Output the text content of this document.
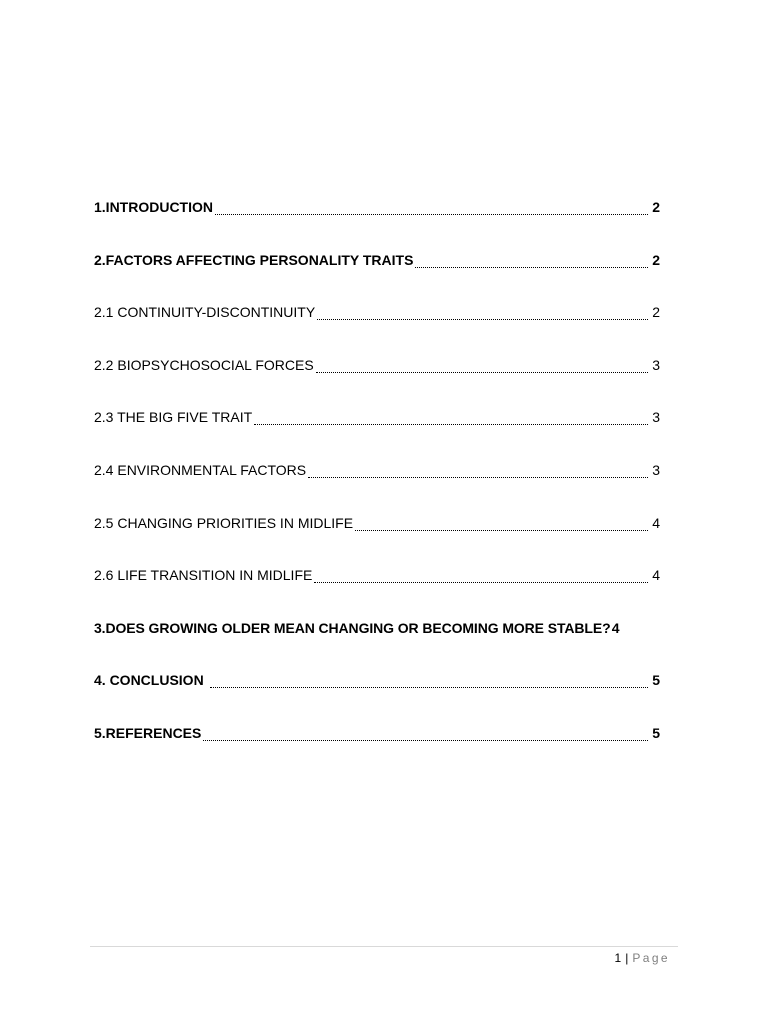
1.INTRODUCTION	2
2.FACTORS AFFECTING PERSONALITY TRAITS	2
2.1 CONTINUITY-DISCONTINUITY	2
2.2 BIOPSYCHOSOCIAL FORCES	3
2.3 THE BIG FIVE TRAIT	3
2.4 ENVIRONMENTAL FACTORS	3
2.5 CHANGING PRIORITIES IN MIDLIFE	4
2.6 LIFE TRANSITION IN MIDLIFE	4
3.DOES GROWING OLDER MEAN CHANGING OR BECOMING MORE STABLE? 4
4. CONCLUSION	5
5.REFERENCES	5
1 | Page
